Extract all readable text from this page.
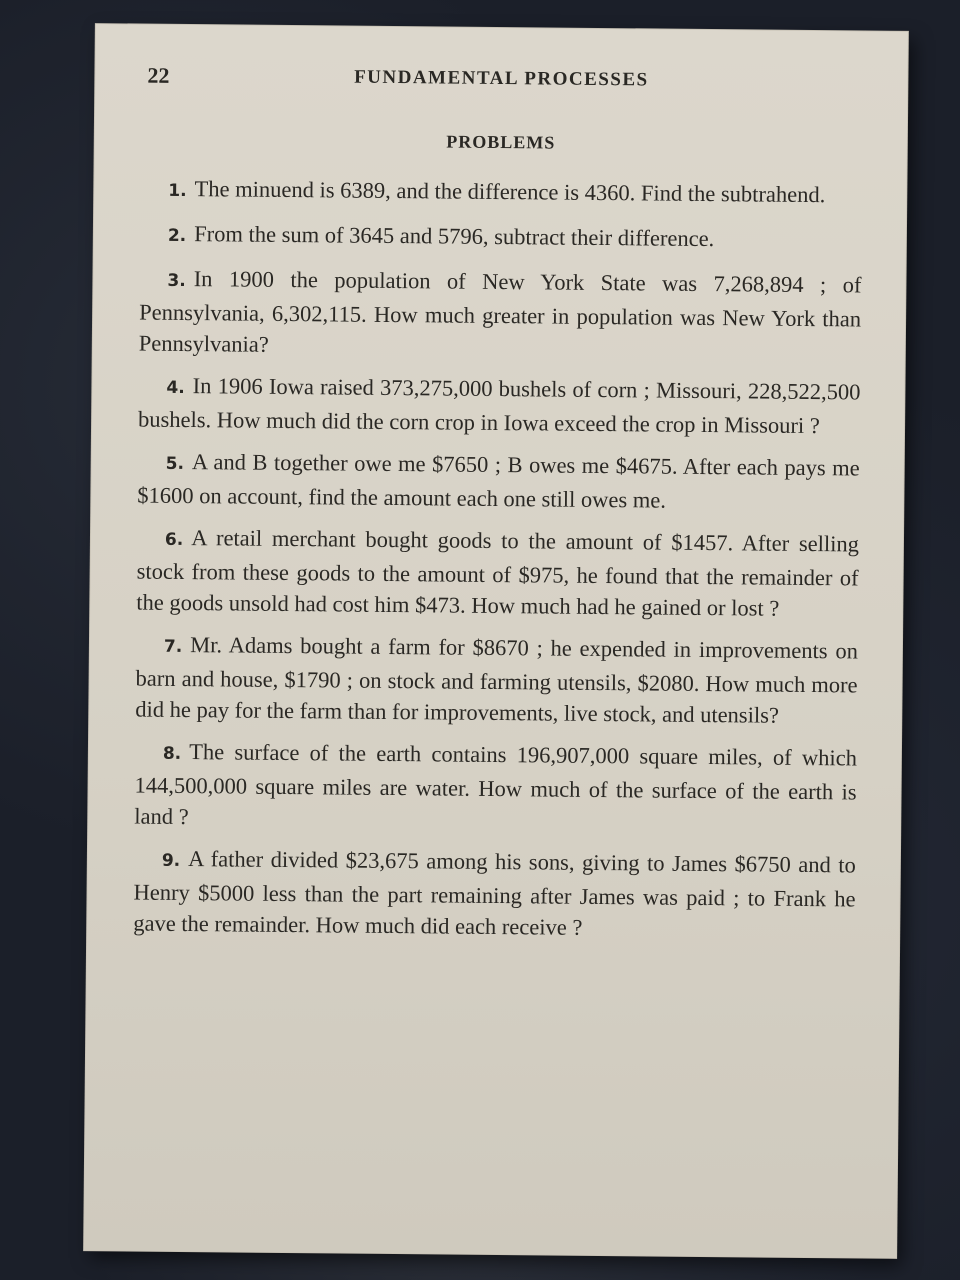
22	FUNDAMENTAL PROCESSES
PROBLEMS

1. The minuend is 6389, and the difference is 4360. Find the subtrahend.

2. From the sum of 3645 and 5796, subtract their difference.

3. In 1900 the population of New York State was 7,268,894 ; of Pennsylvania, 6,302,115. How much greater in population was New York than Pennsylvania?

4. In 1906 Iowa raised 373,275,000 bushels of corn ; Missouri, 228,522,500 bushels. How much did the corn crop in Iowa exceed the crop in Missouri ?

5. A and B together owe me $7650 ; B owes me $4675. After each pays me $1600 on account, find the amount each one still owes me.

6. A retail merchant bought goods to the amount of $1457. After selling stock from these goods to the amount of $975, he found that the remainder of the goods unsold had cost him $473. How much had he gained or lost ?

7. Mr. Adams bought a farm for $8670 ; he expended in improvements on barn and house, $1790 ; on stock and farming utensils, $2080. How much more did he pay for the farm than for improvements, live stock, and utensils?

8. The surface of the earth contains 196,907,000 square miles, of which 144,500,000 square miles are water. How much of the surface of the earth is land ?

9. A father divided $23,675 among his sons, giving to James $6750 and to Henry $5000 less than the part remaining after James was paid ; to Frank he gave the remainder. How much did each receive ?
